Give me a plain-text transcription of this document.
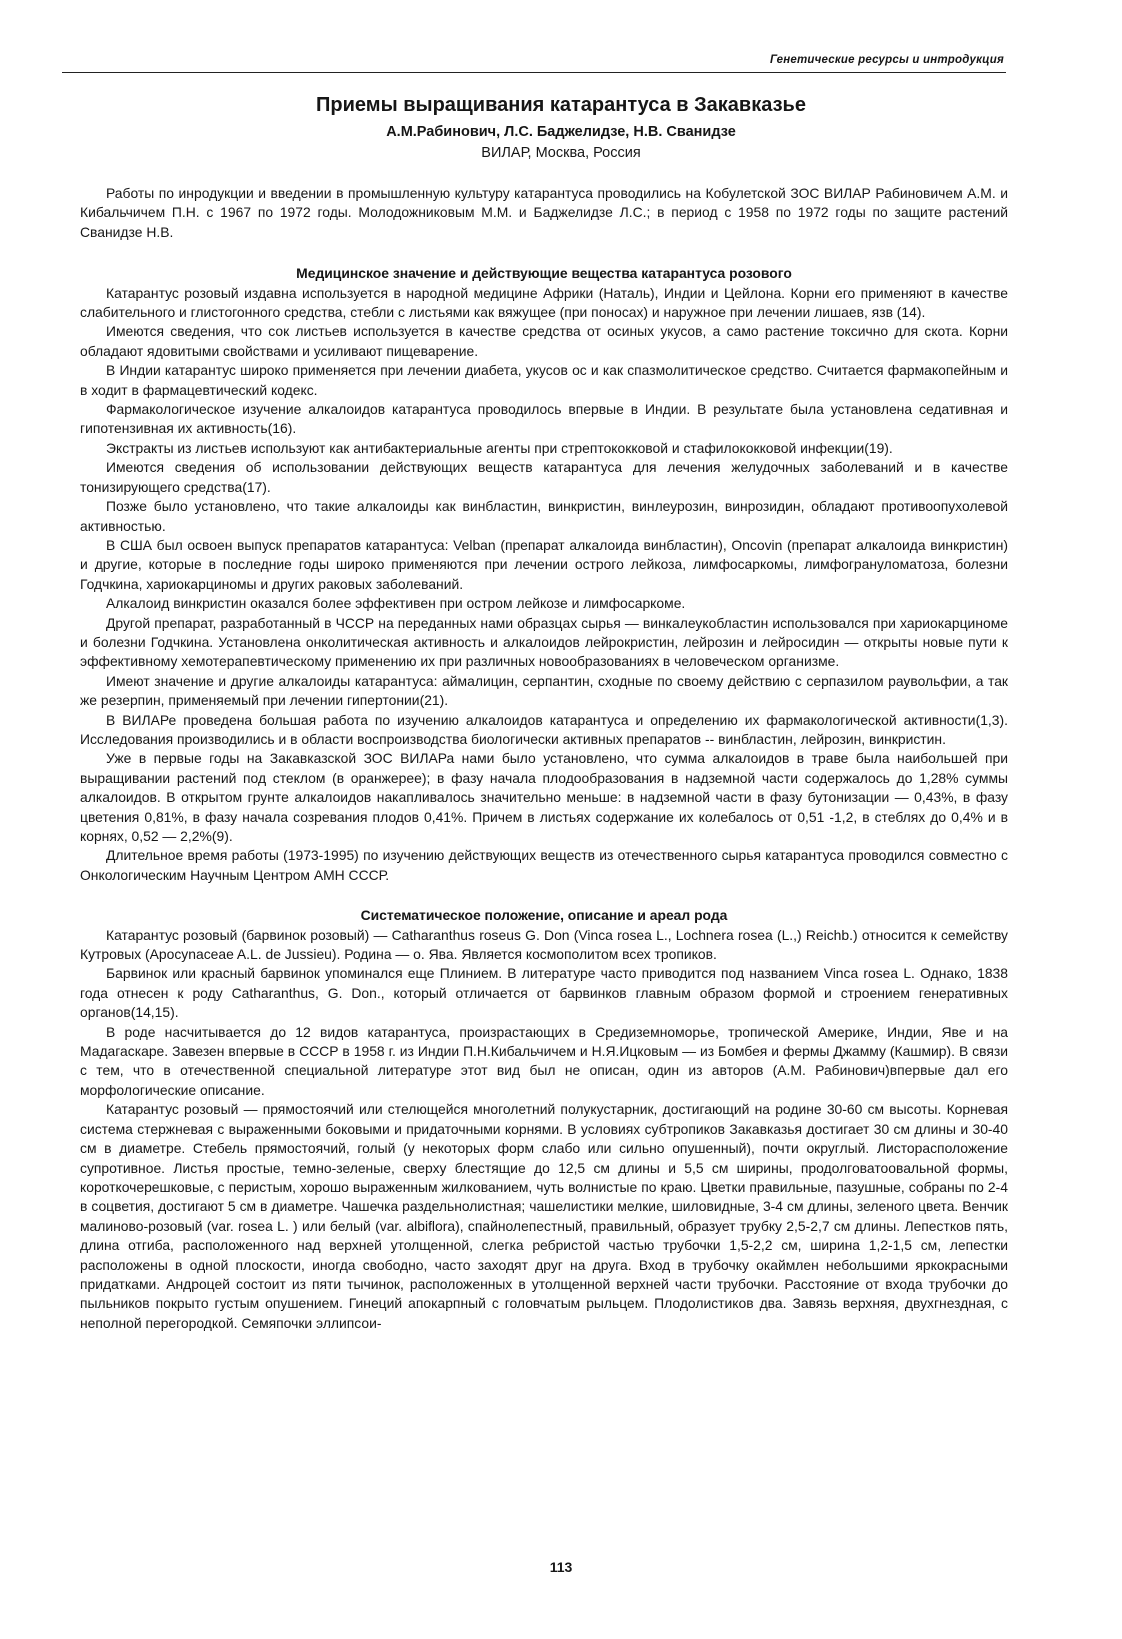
Генетические ресурсы и интродукция
Приемы выращивания катарантуса в Закавказье
А.М.Рабинович, Л.С. Баджелидзе, Н.В. Сванидзе
ВИЛАР, Москва, Россия

Работы по инродукции и введении в промышленную культуру катарантуса проводились на Кобулетской ЗОС ВИЛАР Рабиновичем А.М. и Кибальчичем П.Н. с 1967 по 1972 годы. Молодожниковым М.М. и Баджелидзе Л.С.; в период с 1958 по 1972 годы по защите растений Сванидзе Н.В.

Медицинское значение и действующие вещества катарантуса розового

Катарантус розовый издавна используется в народной медицине Африки (Наталь), Индии и Цейлона. Корни его применяют в качестве слабительного и глистогонного средства, стебли с листьями как вяжущее (при поносах) и наружное при лечении лишаев, язв (14).

Имеются сведения, что сок листьев используется в качестве средства от осиных укусов, а само растение токсично для скота. Корни обладают ядовитыми свойствами и усиливают пищеварение.

В Индии катарантус широко применяется при лечении диабета, укусов ос и как спазмолитическое средство. Считается фармакопейным и в ходит в фармацевтический кодекс.

Фармакологическое изучение алкалоидов катарантуса проводилось впервые в Индии. В результате была установлена седативная и гипотензивная их активность(16).

Экстракты из листьев используют как антибактериальные агенты при стрептококковой и стафилококковой инфекции(19).

Имеются сведения об использовании действующих веществ катарантуса для лечения желудочных заболеваний и в качестве тонизирующего средства(17).

Позже было установлено, что такие алкалоиды как винбластин, винкристин, винлеурозин, винрозидин, обладают противоопухолевой активностью.

В США был освоен выпуск препаратов катарантуса: Velban (препарат алкалоида винбластин), Oncovin (препарат алкалоида винкристин) и другие, которые в последние годы широко применяются при лечении острого лейкоза, лимфосаркомы, лимфогрануломатоза, болезни Годчкина, хариокарциномы и других раковых заболеваний.

Алкалоид винкристин оказался более эффективен при остром лейкозе и лимфосаркоме.

Другой препарат, разработанный в ЧССР на переданных нами образцах сырья — винкалеукобластин использовался при хариокарциноме и болезни Годчкина. Установлена онколитическая активность и алкалоидов лейрокристин, лейрозин и лейросидин — открыты новые пути к эффективному хемотерапевтическому применению их при различных новообразованиях в человеческом организме.

Имеют значение и другие алкалоиды катарантуса: аймалицин, серпантин, сходные по своему действию с серпазилом раувольфии, а так же резерпин, применяемый при лечении гипертонии(21).

В ВИЛАРе проведена большая работа по изучению алкалоидов катарантуса и определению их фармакологической активности(1,3). Исследования производились и в области воспроизводства биологически активных препаратов -- винбластин, лейрозин, винкристин.

Уже в первые годы на Закавказской ЗОС ВИЛАРа нами было установлено, что сумма алкалоидов в траве была наибольшей при выращивании растений под стеклом (в оранжерее); в фазу начала плодообразования в надземной части содержалось до 1,28% суммы алкалоидов. В открытом грунте алкалоидов накапливалось значительно меньше: в надземной части в фазу бутонизации — 0,43%, в фазу цветения 0,81%, в фазу начала созревания плодов 0,41%. Причем в листьях содержание их колебалось от 0,51 -1,2, в стеблях до 0,4% и в корнях, 0,52 — 2,2%(9).

Длительное время работы (1973-1995) по изучению действующих веществ из отечественного сырья катарантуса проводился совместно с Онкологическим Научным Центром АМН СССР.

Систематическое положение, описание и ареал рода

Катарантус розовый (барвинок розовый) — Catharanthus roseus G. Don (Vinca rosea L., Lochnera rosea (L.,) Reichb.) относится к семейству Кутровых (Apocynaceae A.L. de Jussieu). Родина — о. Ява. Является космополитом всех тропиков.

Барвинок или красный барвинок упоминался еще Плинием. В литературе часто приводится под названием Vinca rosea L. Однако, 1838 года отнесен к роду Catharanthus, G. Don., который отличается от барвинков главным образом формой и строением генеративных органов(14,15).

В роде насчитывается до 12 видов катарантуса, произрастающих в Средиземноморье, тропической Америке, Индии, Яве и на Мадагаскаре. Завезен впервые в СССР в 1958 г. из Индии П.Н.Кибальчичем и Н.Я.Ицковым — из Бомбея и фермы Джамму (Кашмир). В связи с тем, что в отечественной специальной литературе этот вид был не описан, один из авторов (А.М. Рабинович)впервые дал его морфологические описание.

Катарантус розовый — прямостоячий или стелющейся многолетний полукустарник, достигающий на родине 30-60 см высоты. Корневая система стержневая с выраженными боковыми и придаточными корнями. В условиях субтропиков Закавказья достигает 30 см длины и 30-40 см в диаметре. Стебель прямостоячий, голый (у некоторых форм слабо или сильно опушенный), почти округлый. Листорасположение супротивное. Листья простые, темно-зеленые, сверху блестящие до 12,5 см длины и 5,5 см ширины, продолговатоовальной формы, короткочерешковые, с перистым, хорошо выраженным жилкованием, чуть волнистые по краю. Цветки правильные, пазушные, собраны по 2-4 в соцветия, достигают 5 см в диаметре. Чашечка раздельнолистная; чашелистики мелкие, шиловидные, 3-4 см длины, зеленого цвета. Венчик малиново-розовый (var. rosea L. ) или белый (var. albiflora), спайнолепестный, правильный, образует трубку 2,5-2,7 см длины. Лепестков пять, длина отгиба, расположенного над верхней утолщенной, слегка ребристой частью трубочки 1,5-2,2 см, ширина 1,2-1,5 см, лепестки расположены в одной плоскости, иногда свободно, часто заходят друг на друга. Вход в трубочку окаймлен небольшими яркокрасными придатками. Андроцей состоит из пяти тычинок, расположенных в утолщенной верхней части трубочки. Расстояние от входа трубочки до пыльников покрыто густым опушением. Гинеций апокарпный с головчатым рыльцем. Плодолистиков два. Завязь верхняя, двухгнездная, с неполной перегородкой. Семяпочки эллипсои-

113
